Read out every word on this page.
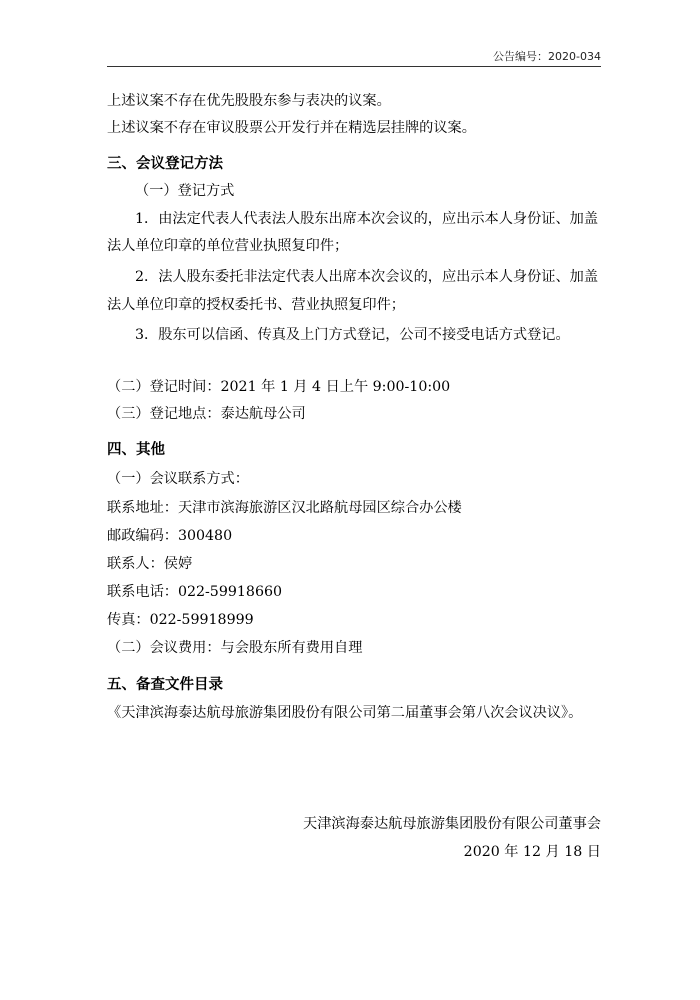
公告编号：2020-034
上述议案不存在优先股股东参与表决的议案。
上述议案不存在审议股票公开发行并在精选层挂牌的议案。
三、会议登记方法
（一）登记方式
1．由法定代表人代表法人股东出席本次会议的，应出示本人身份证、加盖
法人单位印章的单位营业执照复印件；
2．法人股东委托非法定代表人出席本次会议的，应出示本人身份证、加盖
法人单位印章的授权委托书、营业执照复印件；
3．股东可以信函、传真及上门方式登记，公司不接受电话方式登记。
（二）登记时间：2021 年 1 月 4 日上午 9:00-10:00
（三）登记地点：泰达航母公司
四、其他
（一）会议联系方式：
联系地址：天津市滨海旅游区汉北路航母园区综合办公楼
邮政编码：300480
联系人：侯婷
联系电话：022-59918660
传真：022-59918999
（二）会议费用：与会股东所有费用自理
五、备查文件目录
《天津滨海泰达航母旅游集团股份有限公司第二届董事会第八次会议决议》。
天津滨海泰达航母旅游集团股份有限公司董事会
2020 年 12 月 18 日
